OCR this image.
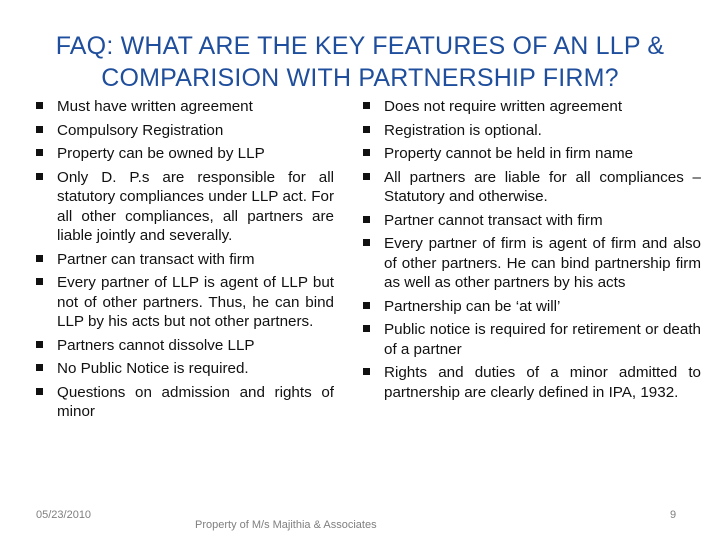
FAQ: WHAT ARE THE KEY FEATURES OF AN LLP &
COMPARISION WITH PARTNERSHIP FIRM?
Must have written agreement
Compulsory Registration
Property can be owned by LLP
Only D. P.s are responsible for all statutory compliances under LLP act. For all other compliances, all partners are liable jointly and severally.
Partner can transact with firm
Every partner of LLP is agent of LLP but not of other partners. Thus, he can bind LLP by his acts but not other partners.
Partners cannot dissolve LLP
No Public Notice is required.
Questions on admission and rights of minor
Does not require written agreement
Registration is optional.
Property cannot be held in firm name
All partners are liable for all compliances – Statutory and otherwise.
Partner cannot transact with firm
Every partner of firm is agent of firm and also of other partners. He can bind partnership firm as well as other partners by his acts
Partnership can be ‘at will’
Public notice is required for retirement or death of a partner
Rights and duties of a minor admitted to partnership are clearly defined in IPA, 1932.
05/23/2010
Property of M/s Majithia & Associates
9
